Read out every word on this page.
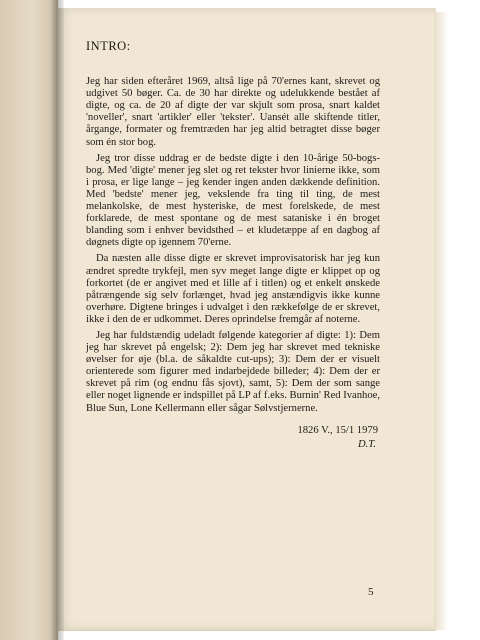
INTRO:

Jeg har siden efteråret 1969, altså lige på 70'ernes kant, skrevet og udgivet 50 bøger. Ca. de 30 har direkte og udelukkende bestået af digte, og ca. de 20 af digte der var skjult som prosa, snart kaldet 'noveller', snart 'artikler' eller 'tekster'. Uansét alle skiftende titler, årgange, formater og fremtræden har jeg altid betragtet disse bøger som én stor bog.

Jeg tror disse uddrag er de bedste digte i den 10-årige 50-bogs-bog. Med 'digte' mener jeg slet og ret tekster hvor linierne ikke, som i prosa, er lige lange – jeg kender ingen anden dækkende definition. Med 'bedste' mener jeg, vekslende fra ting til ting, de mest melankolske, de mest hysteriske, de mest forelskede, de mest forklarede, de mest spontane og de mest sataniske i én broget blanding som i enhver bevidsthed – et kludetæppe af en dagbog af døgnets digte op igennem 70'erne.

Da næsten alle disse digte er skrevet improvisatorisk har jeg kun ændret spredte trykfejl, men syv meget lange digte er klippet op og forkortet (de er angivet med et lille af i titlen) og et enkelt ønskede påtrængende sig selv forlænget, hvad jeg anstændigvis ikke kunne overhøre. Digtene bringes i udvalget i den rækkefølge de er skrevet, ikke i den de er udkommet. Deres oprindelse fremgår af noterne.

Jeg har fuldstændig udeladt følgende kategorier af digte: 1): Dem jeg har skrevet på engelsk; 2): Dem jeg har skrevet med tekniske øvelser for øje (bl.a. de såkaldte cut-ups); 3): Dem der er visuelt orienterede som figurer med indarbejdede billeder; 4): Dem der er skrevet på rim (og endnu fås sjovt), samt, 5): Dem der som sange eller noget lignende er indspillet på LP af f.eks. Burnin' Red Ivanhoe, Blue Sun, Lone Kellermann eller sågar Sølvstjernerne.

1826 V., 15/1 1979
D.T.
5
